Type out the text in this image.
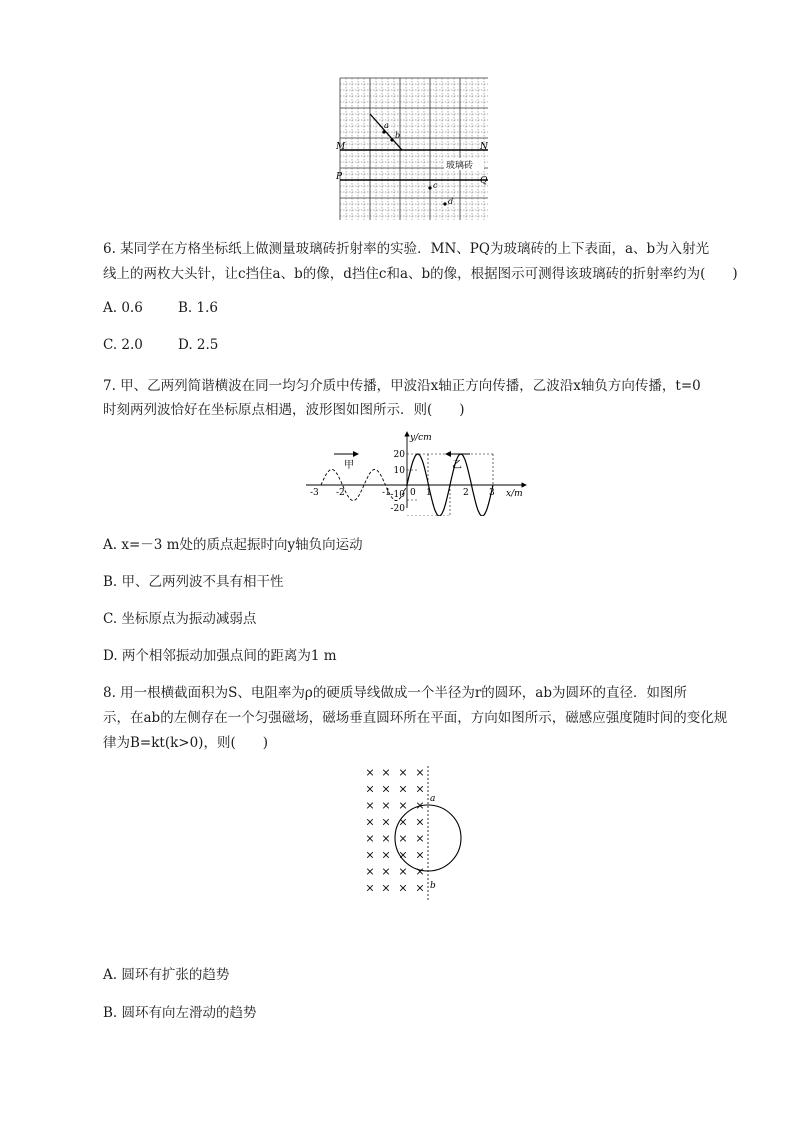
M	N
P	Q
a
b
c
d
玻璃砖
6. 某同学在方格坐标纸上做测量玻璃砖折射率的实验．MN、PQ为玻璃砖的上下表面，a、b为入射光
线上的两枚大头针，让c挡住a、b的像，d挡住c和a、b的像，根据图示可测得该玻璃砖的折射率约为(　　)
A. 0.6	B. 1.6
C. 2.0	D. 2.5
7. 甲、乙两列简谐横波在同一均匀介质中传播，甲波沿x轴正方向传播，乙波沿x轴负方向传播，t=0
时刻两列波恰好在坐标原点相遇，波形图如图所示．则(　　)
甲	乙
y/cm
x/m
20
10
-10
-20
-3 -2	-1 0 1	2 3
A. x=－3 m处的质点起振时向y轴负向运动
B. 甲、乙两列波不具有相干性
C. 坐标原点为振动减弱点
D. 两个相邻振动加强点间的距离为1 m
8. 用一根横截面积为S、电阻率为ρ的硬质导线做成一个半径为r的圆环，ab为圆环的直径．如图所
示，在ab的左侧存在一个匀强磁场，磁场垂直圆环所在平面，方向如图所示，磁感应强度随时间的变化规
律为B=kt(k>0)，则(　　)
× × × ×
× × × ×
× × × ×
× × × ×
× × × ×
× × × ×
× × × ×
× × × ×
a
b
A. 圆环有扩张的趋势
B. 圆环有向左滑动的趋势
